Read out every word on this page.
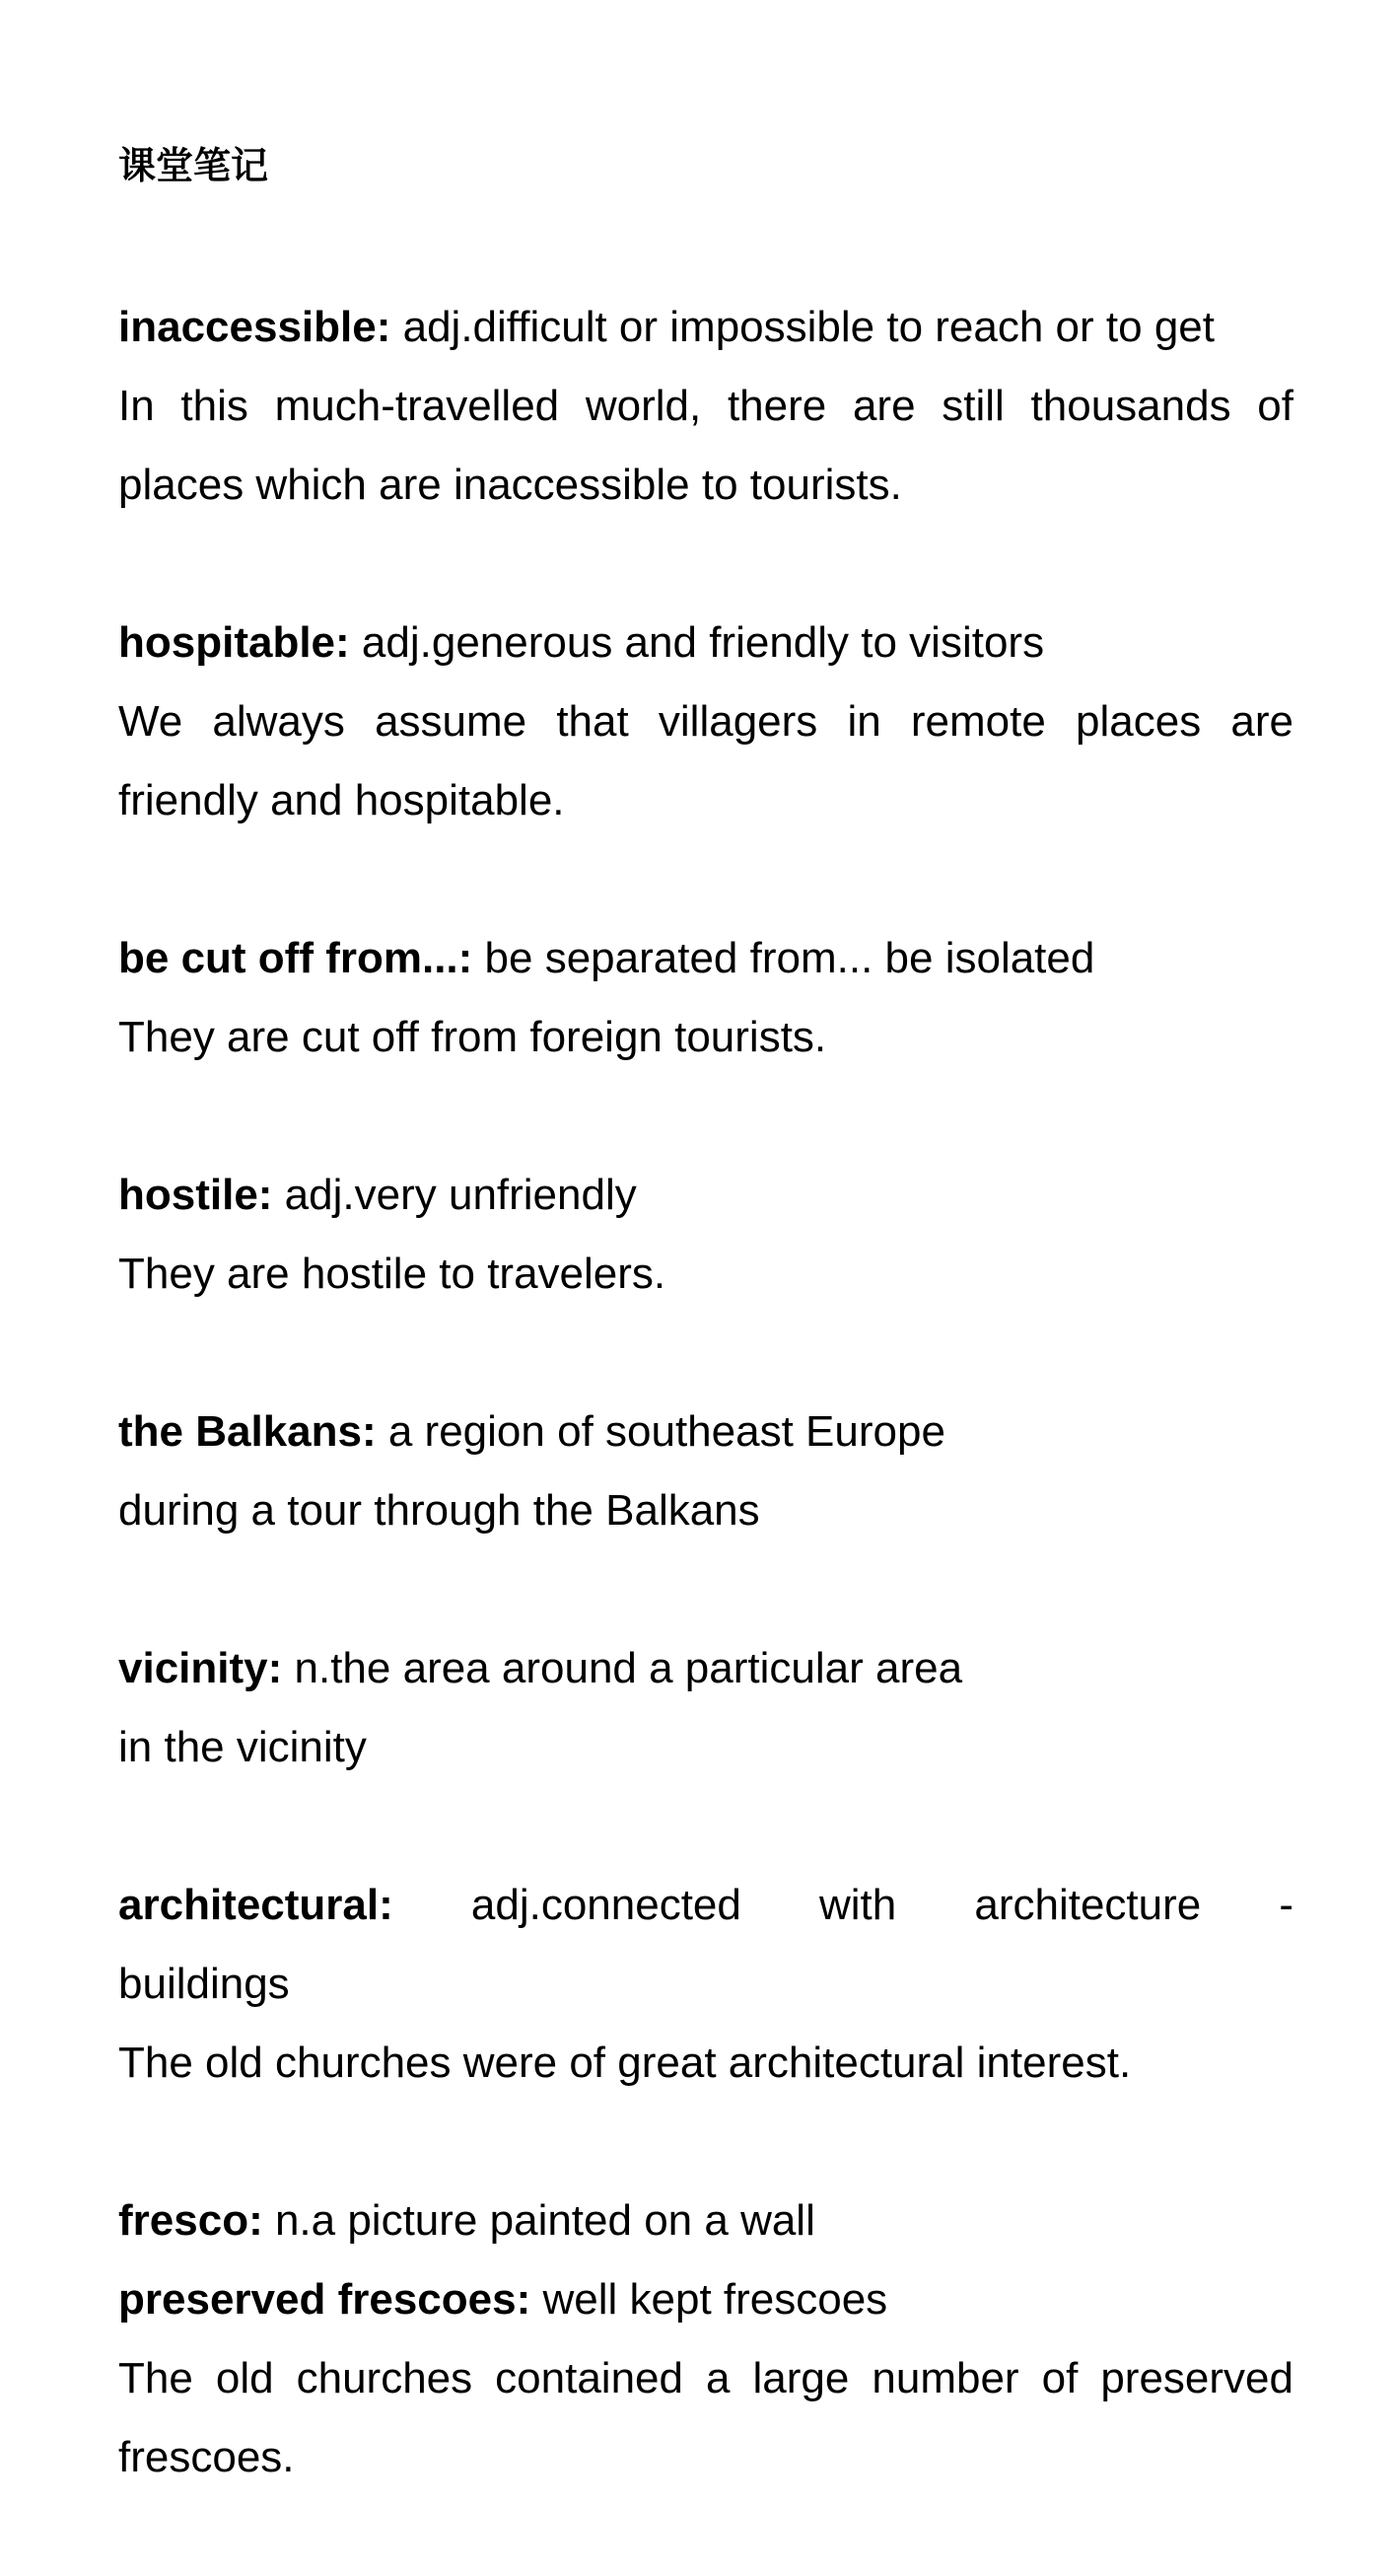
课堂笔记
inaccessible: adj.difficult or impossible to reach or to get
In this much-travelled world, there are still thousands of places which are inaccessible to tourists.
hospitable: adj.generous and friendly to visitors
We always assume that villagers in remote places are friendly and hospitable.
be cut off from...: be separated from... be isolated
They are cut off from foreign tourists.
hostile: adj.very unfriendly
They are hostile to travelers.
the Balkans: a region of southeast Europe
during a tour through the Balkans
vicinity: n.the area around a particular area
in the vicinity
architectural: adj.connected with architecture -
buildings
The old churches were of great architectural interest.
fresco: n.a picture painted on a wall
preserved frescoes: well kept frescoes
The old churches contained a large number of preserved frescoes.
